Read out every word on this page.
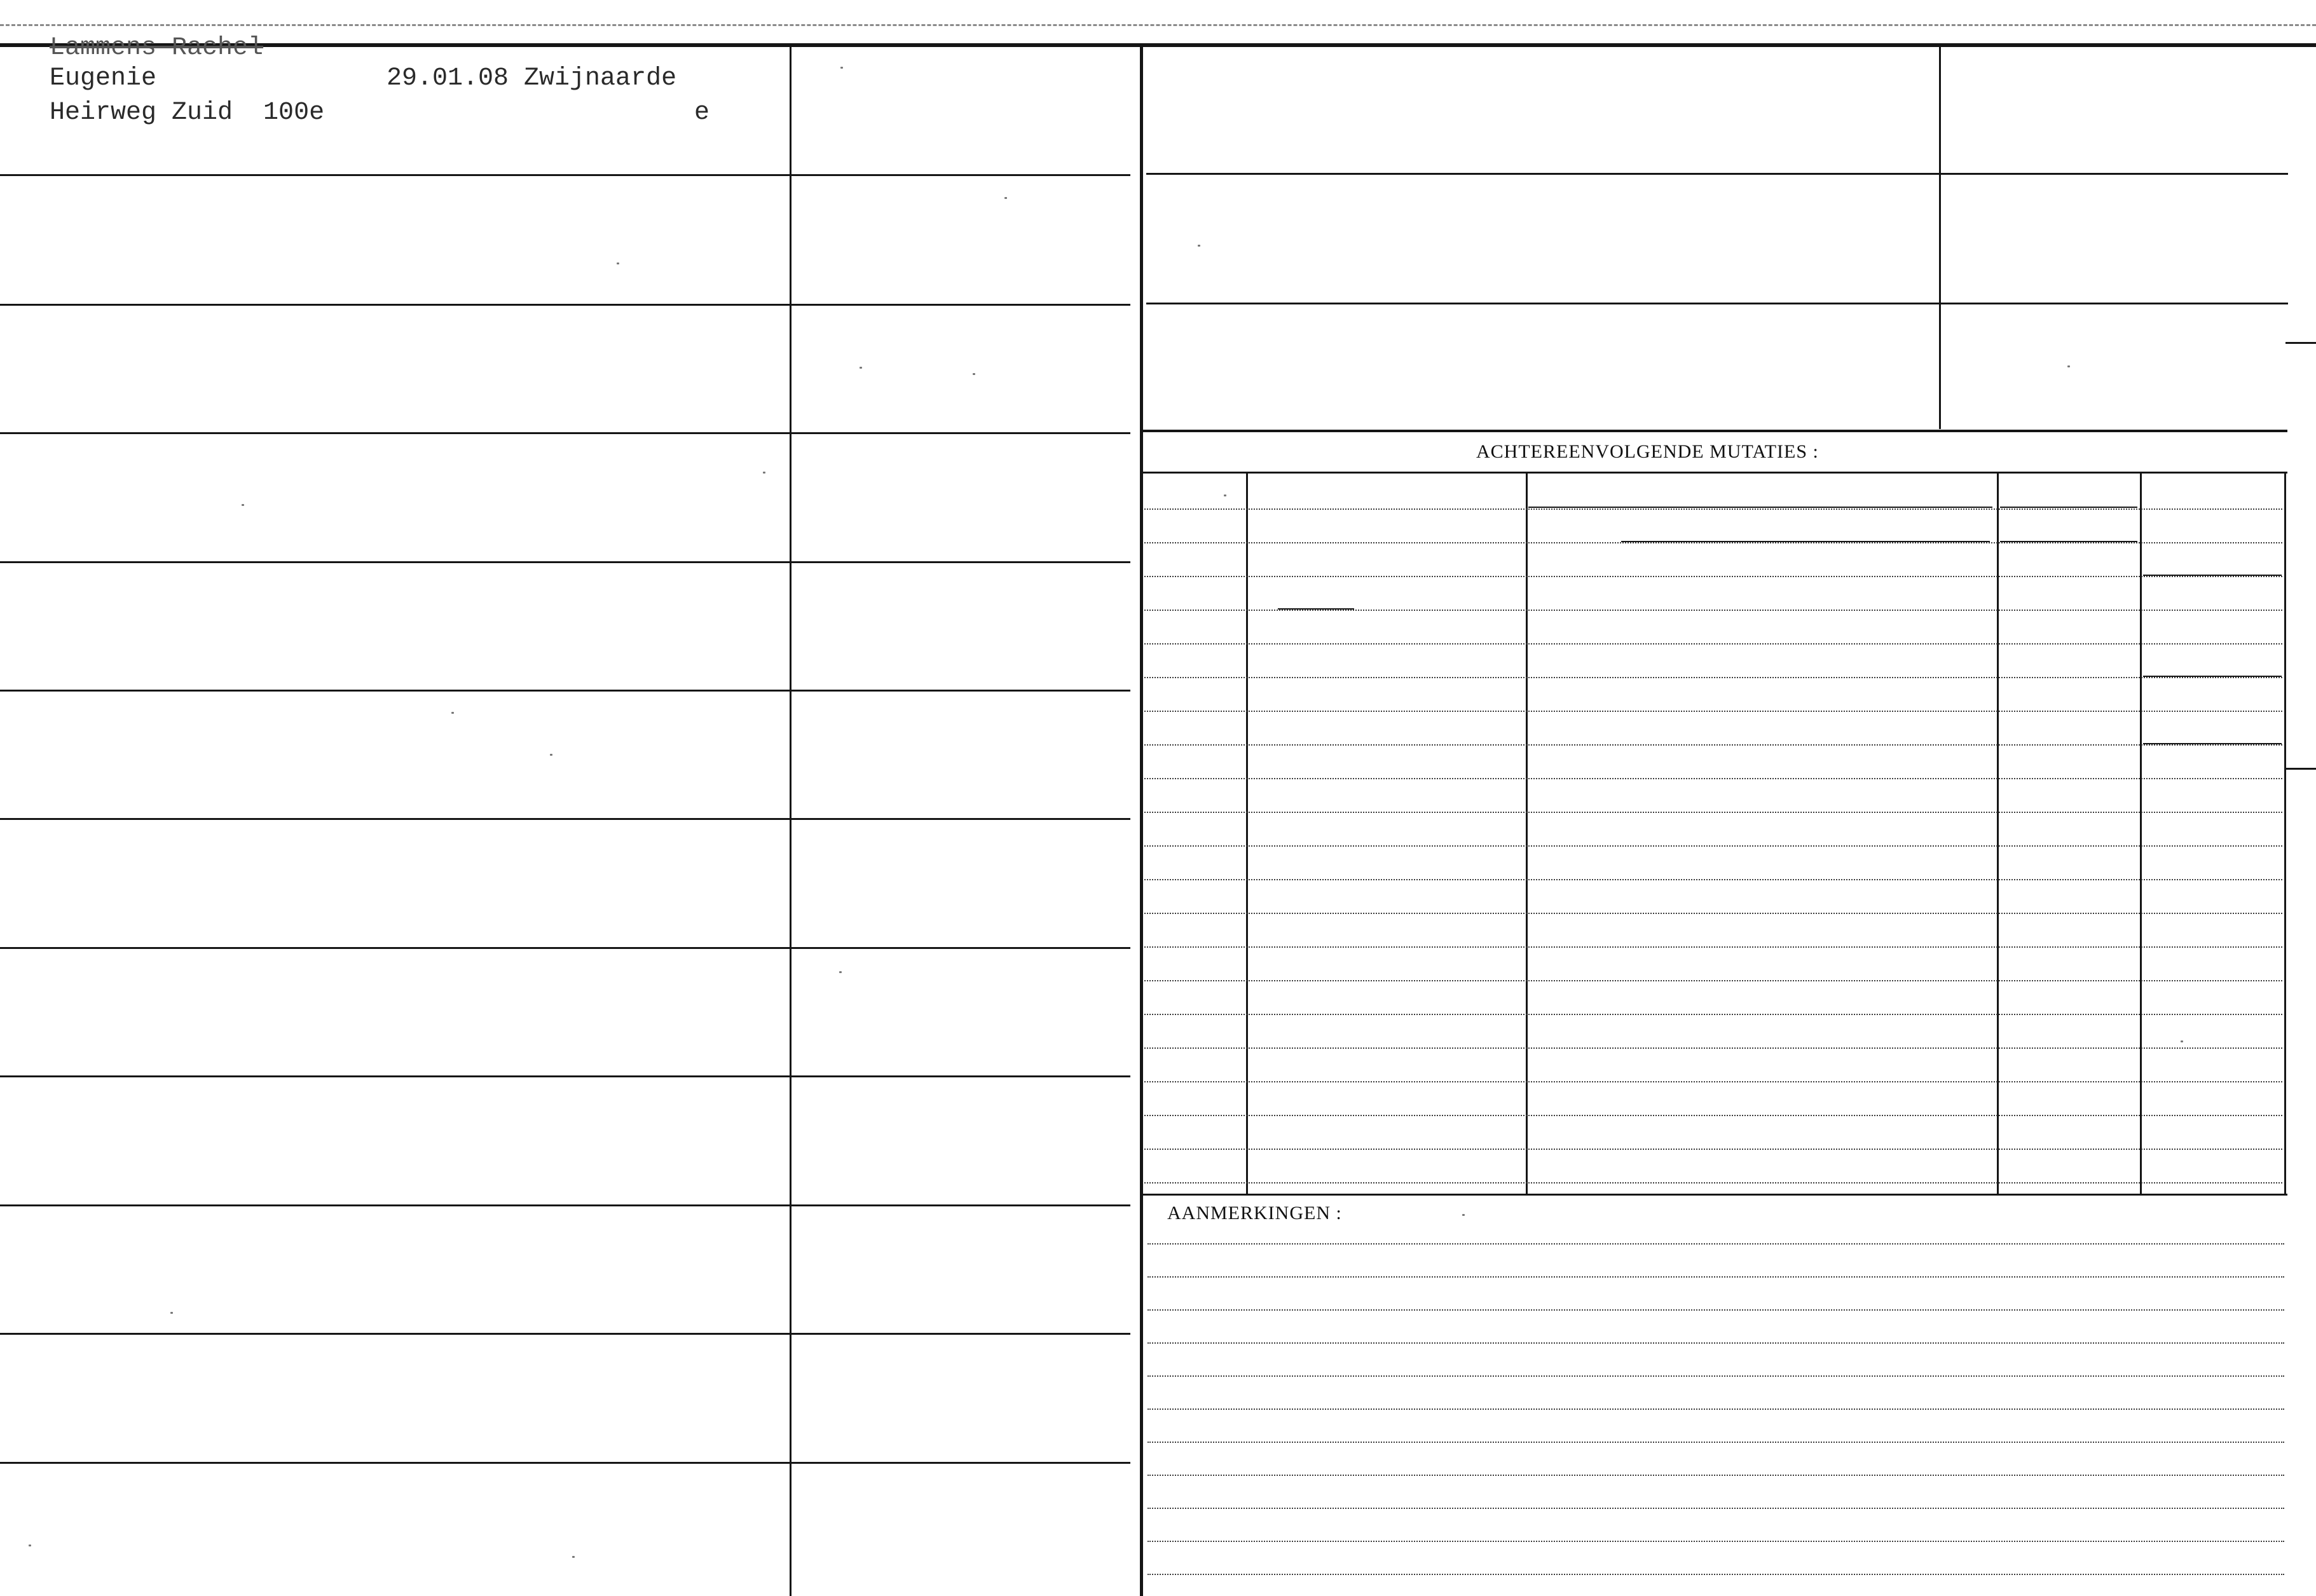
Lammens Rachel
Eugenie	29.01.08 Zwijnaarde
Heirweg Zuid  100e	e
ACHTEREENVOLGENDE MUTATIES :
AANMERKINGEN :
